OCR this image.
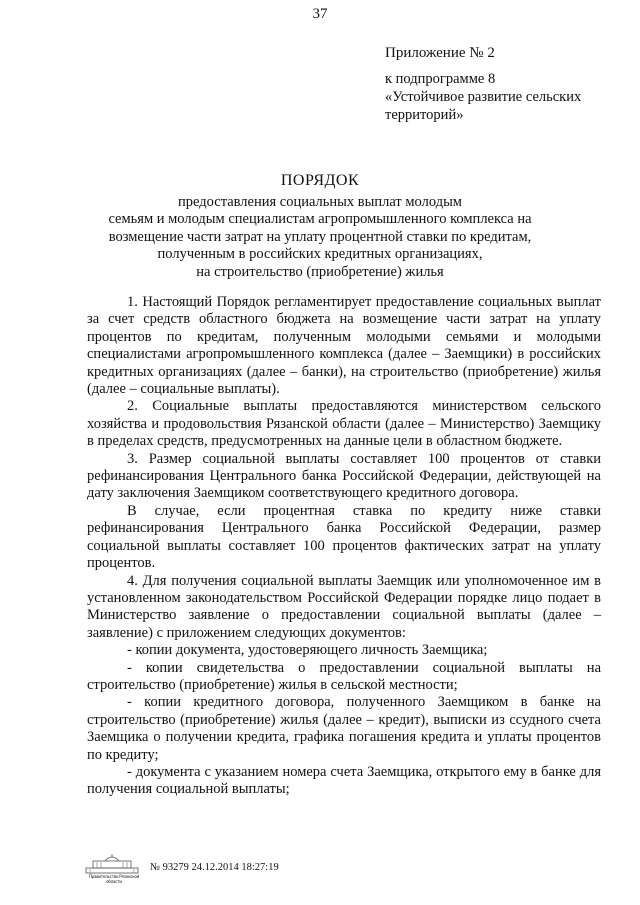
37
Приложение № 2
к подпрограмме 8
«Устойчивое развитие сельских
территорий»
ПОРЯДОК
предоставления социальных выплат молодым
семьям и молодым специалистам агропромышленного комплекса на
возмещение части затрат на уплату процентной ставки по кредитам,
полученным в российских кредитных организациях,
на строительство (приобретение) жилья

1. Настоящий Порядок регламентирует предоставление социальных выплат за счет средств областного бюджета на возмещение части затрат на уплату процентов по кредитам, полученным молодыми семьями и молодыми специалистами агропромышленного комплекса (далее – Заемщики) в российских кредитных организациях (далее – банки), на строительство (приобретение) жилья (далее – социальные выплаты).

2. Социальные выплаты предоставляются министерством сельского хозяйства и продовольствия Рязанской области (далее – Министерство) Заемщику в пределах средств, предусмотренных на данные цели в областном бюджете.

3. Размер социальной выплаты составляет 100 процентов от ставки рефинансирования Центрального банка Российской Федерации, действующей на дату заключения Заемщиком соответствующего кредитного договора.

В случае, если процентная ставка по кредиту ниже ставки рефинансирования Центрального банка Российской Федерации, размер социальной выплаты составляет 100 процентов фактических затрат на уплату процентов.

4. Для получения социальной выплаты Заемщик или уполномоченное им в установленном законодательством Российской Федерации порядке лицо подает в Министерство заявление о предоставлении социальной выплаты (далее – заявление) с приложением следующих документов:

- копии документа, удостоверяющего личность Заемщика;

- копии свидетельства о предоставлении социальной выплаты на строительство (приобретение) жилья в сельской местности;

- копии кредитного договора, полученного Заемщиком в банке на строительство (приобретение) жилья (далее – кредит), выписки из ссудного счета Заемщика о получении кредита, графика погашения кредита и уплаты процентов по кредиту;

- документа с указанием номера счета Заемщика, открытого ему в банке для получения социальной выплаты;

Правительство Рязанской области
№ 93279 24.12.2014 18:27:19
